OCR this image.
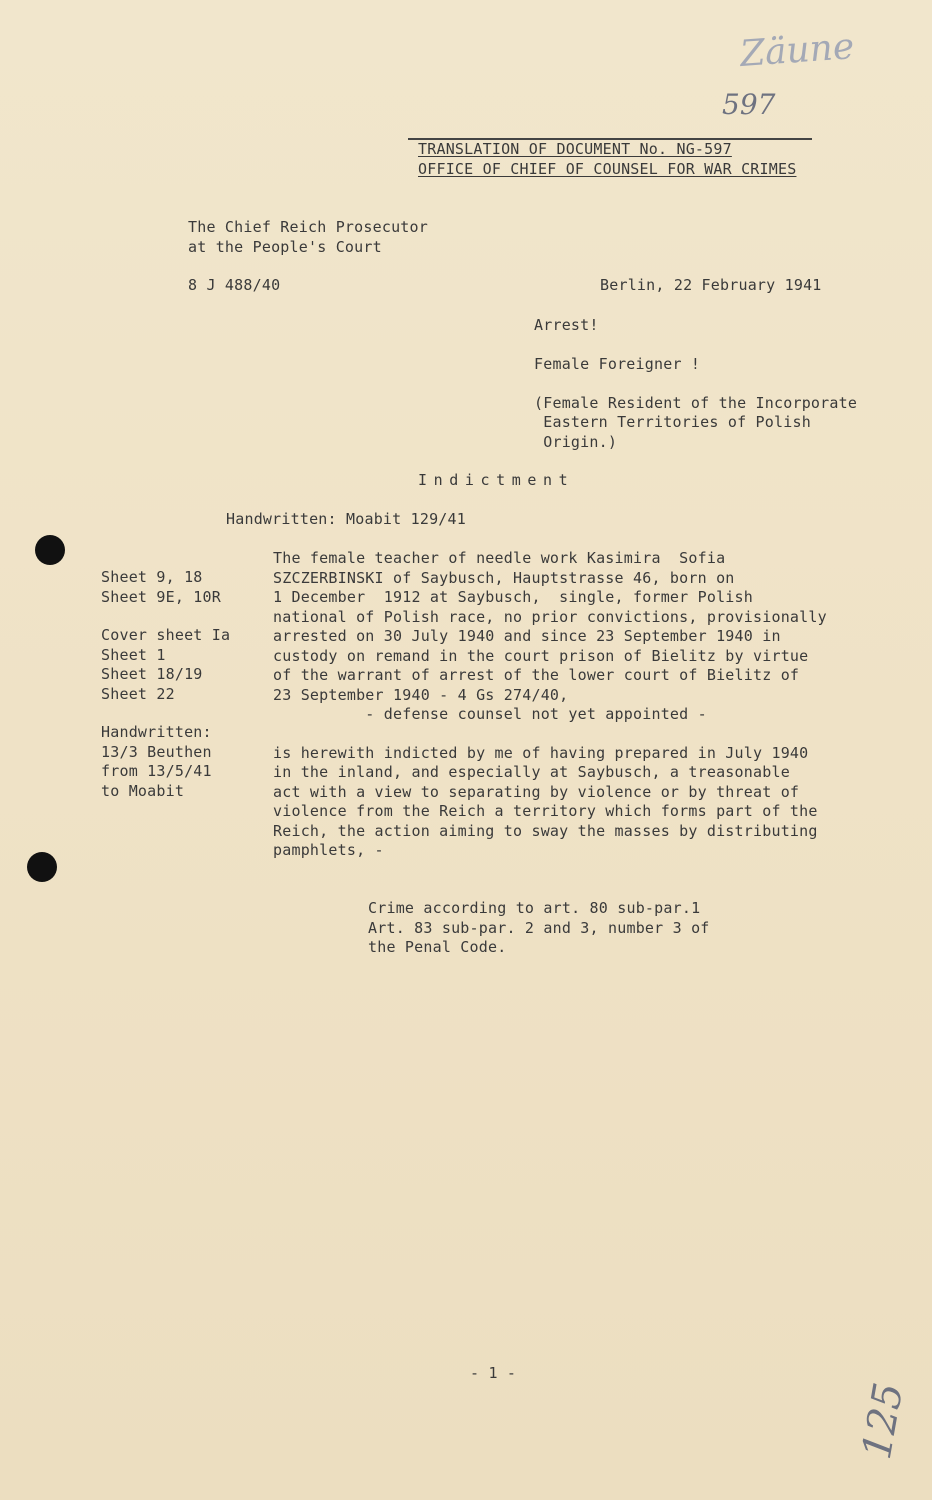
Zäune
597
125
TRANSLATION OF DOCUMENT No. NG-597
OFFICE OF CHIEF OF COUNSEL FOR WAR CRIMES
The Chief Reich Prosecutor
at the People's Court
8 J 488/40	Berlin, 22 February 1941
Arrest!
Female Foreigner !
(Female Resident of the Incorporate
Eastern Territories of Polish
Origin.)
Indictment
Handwritten: Moabit 129/41
Sheet 9, 18
Sheet 9E, 10R
Cover sheet Ia
Sheet 1
Sheet 18/19
Sheet 22
Handwritten:
13/3 Beuthen
from 13/5/41
to Moabit
The female teacher of needle work Kasimira  Sofia
SZCZERBINSKI of Saybusch, Hauptstrasse 46, born on
1 December  1912 at Saybusch,  single, former Polish
national of Polish race, no prior convictions, provisionally
arrested on 30 July 1940 and since 23 September 1940 in
custody on remand in the court prison of Bielitz by virtue
of the warrant of arrest of the lower court of Bielitz of
23 September 1940 - 4 Gs 274/40,
- defense counsel not yet appointed -
is herewith indicted by me of having prepared in July 1940
in the inland, and especially at Saybusch, a treasonable
act with a view to separating by violence or by threat of
violence from the Reich a territory which forms part of the
Reich, the action aiming to sway the masses by distributing
pamphlets, -
Crime according to art. 80 sub-par.1
Art. 83 sub-par. 2 and 3, number 3 of
the Penal Code.
- 1 -
